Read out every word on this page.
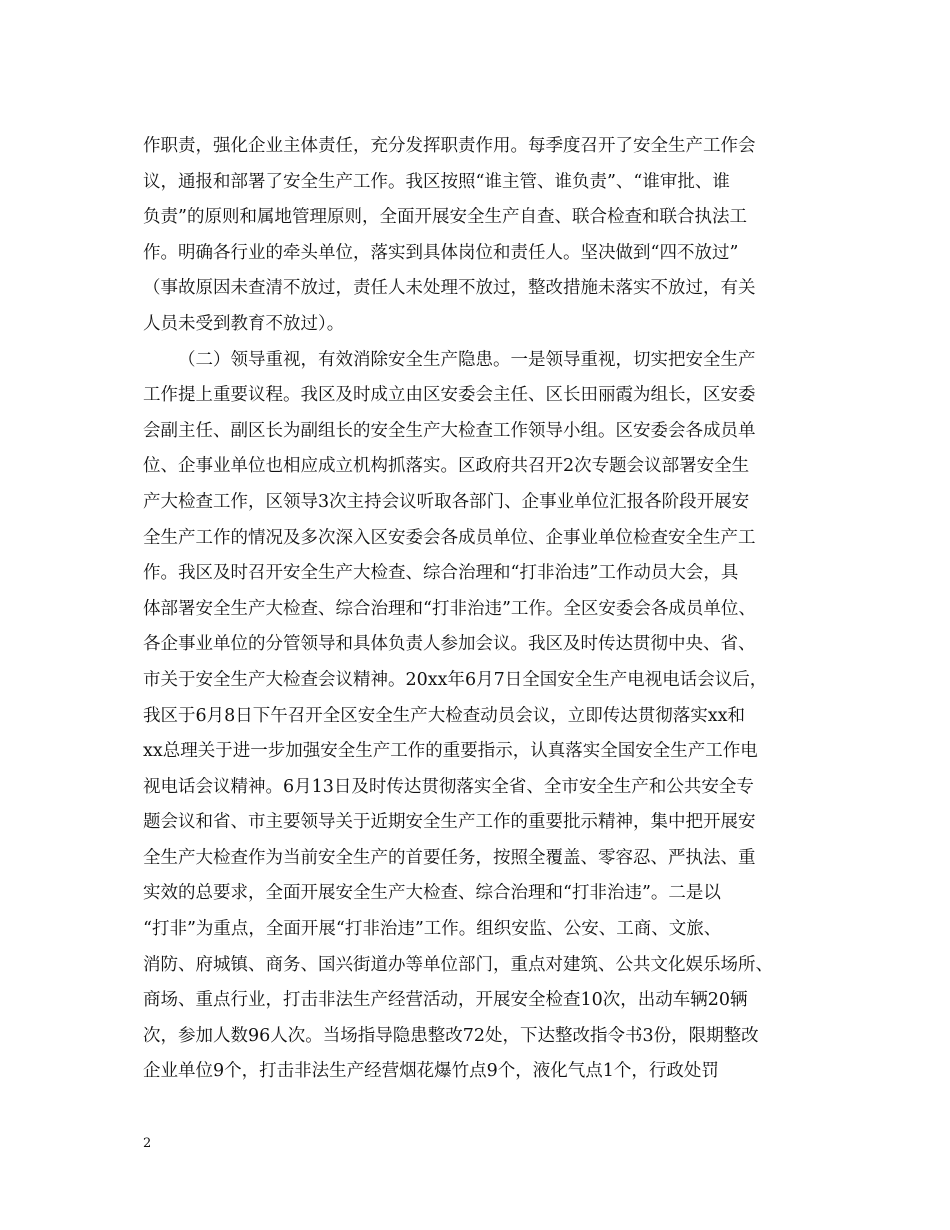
作职责，强化企业主体责任，充分发挥职责作用。每季度召开了安全生产工作会
议，通报和部署了安全生产工作。我区按照“谁主管、谁负责”、“谁审批、谁
负责”的原则和属地管理原则，全面开展安全生产自查、联合检查和联合执法工
作。明确各行业的牵头单位，落实到具体岗位和责任人。坚决做到“四不放过”
（事故原因未查清不放过，责任人未处理不放过，整改措施未落实不放过，有关
人员未受到教育不放过）。
（二）领导重视，有效消除安全生产隐患。一是领导重视，切实把安全生产
工作提上重要议程。我区及时成立由区安委会主任、区长田丽霞为组长，区安委
会副主任、副区长为副组长的安全生产大检查工作领导小组。区安委会各成员单
位、企事业单位也相应成立机构抓落实。区政府共召开2次专题会议部署安全生
产大检查工作，区领导3次主持会议听取各部门、企事业单位汇报各阶段开展安
全生产工作的情况及多次深入区安委会各成员单位、企事业单位检查安全生产工
作。我区及时召开安全生产大检查、综合治理和“打非治违”工作动员大会，具
体部署安全生产大检查、综合治理和“打非治违”工作。全区安委会各成员单位、
各企事业单位的分管领导和具体负责人参加会议。我区及时传达贯彻中央、省、
市关于安全生产大检查会议精神。20xx年6月7日全国安全生产电视电话会议后，
我区于6月8日下午召开全区安全生产大检查动员会议，立即传达贯彻落实xx和
xx总理关于进一步加强安全生产工作的重要指示，认真落实全国安全生产工作电
视电话会议精神。6月13日及时传达贯彻落实全省、全市安全生产和公共安全专
题会议和省、市主要领导关于近期安全生产工作的重要批示精神，集中把开展安
全生产大检查作为当前安全生产的首要任务，按照全覆盖、零容忍、严执法、重
实效的总要求，全面开展安全生产大检查、综合治理和“打非治违”。二是以
“打非”为重点，全面开展“打非治违”工作。组织安监、公安、工商、文旅、
消防、府城镇、商务、国兴街道办等单位部门，重点对建筑、公共文化娱乐场所、
商场、重点行业，打击非法生产经营活动，开展安全检查10次，出动车辆20辆
次，参加人数96人次。当场指导隐患整改72处，下达整改指令书3份，限期整改
企业单位9个，打击非法生产经营烟花爆竹点9个，液化气点1个，行政处罚
2
